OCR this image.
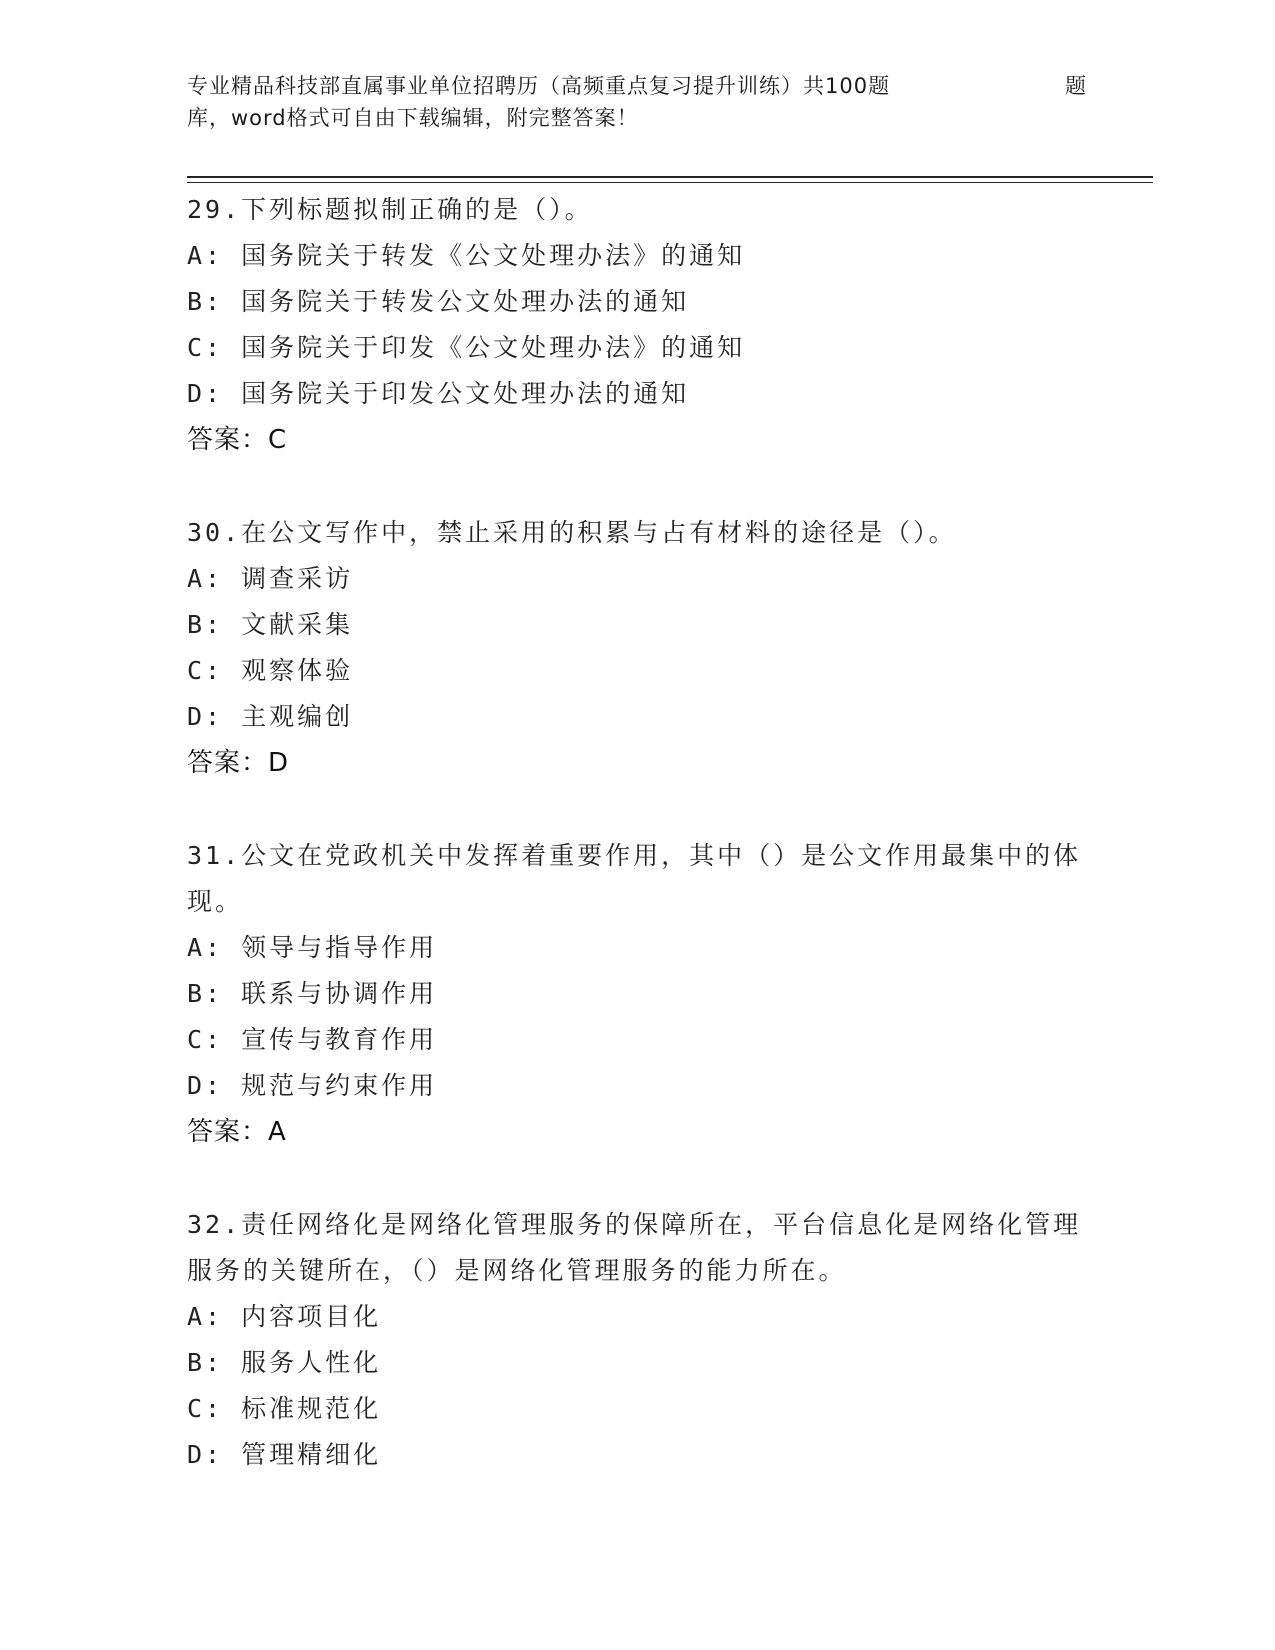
专业精品科技部直属事业单位招聘历（高频重点复习提升训练）共100题	题
库，word格式可自由下载编辑，附完整答案！
29.下列标题拟制正确的是（）。
A: 国务院关于转发《公文处理办法》的通知
B: 国务院关于转发公文处理办法的通知
C: 国务院关于印发《公文处理办法》的通知
D: 国务院关于印发公文处理办法的通知
答案：C
30.在公文写作中，禁止采用的积累与占有材料的途径是（）。
A: 调查采访
B: 文献采集
C: 观察体验
D: 主观编创
答案：D
31.公文在党政机关中发挥着重要作用，其中（）是公文作用最集中的体现。
A: 领导与指导作用
B: 联系与协调作用
C: 宣传与教育作用
D: 规范与约束作用
答案：A
32.责任网络化是网络化管理服务的保障所在，平台信息化是网络化管理服务的关键所在，（）是网络化管理服务的能力所在。
A: 内容项目化
B: 服务人性化
C: 标准规范化
D: 管理精细化
